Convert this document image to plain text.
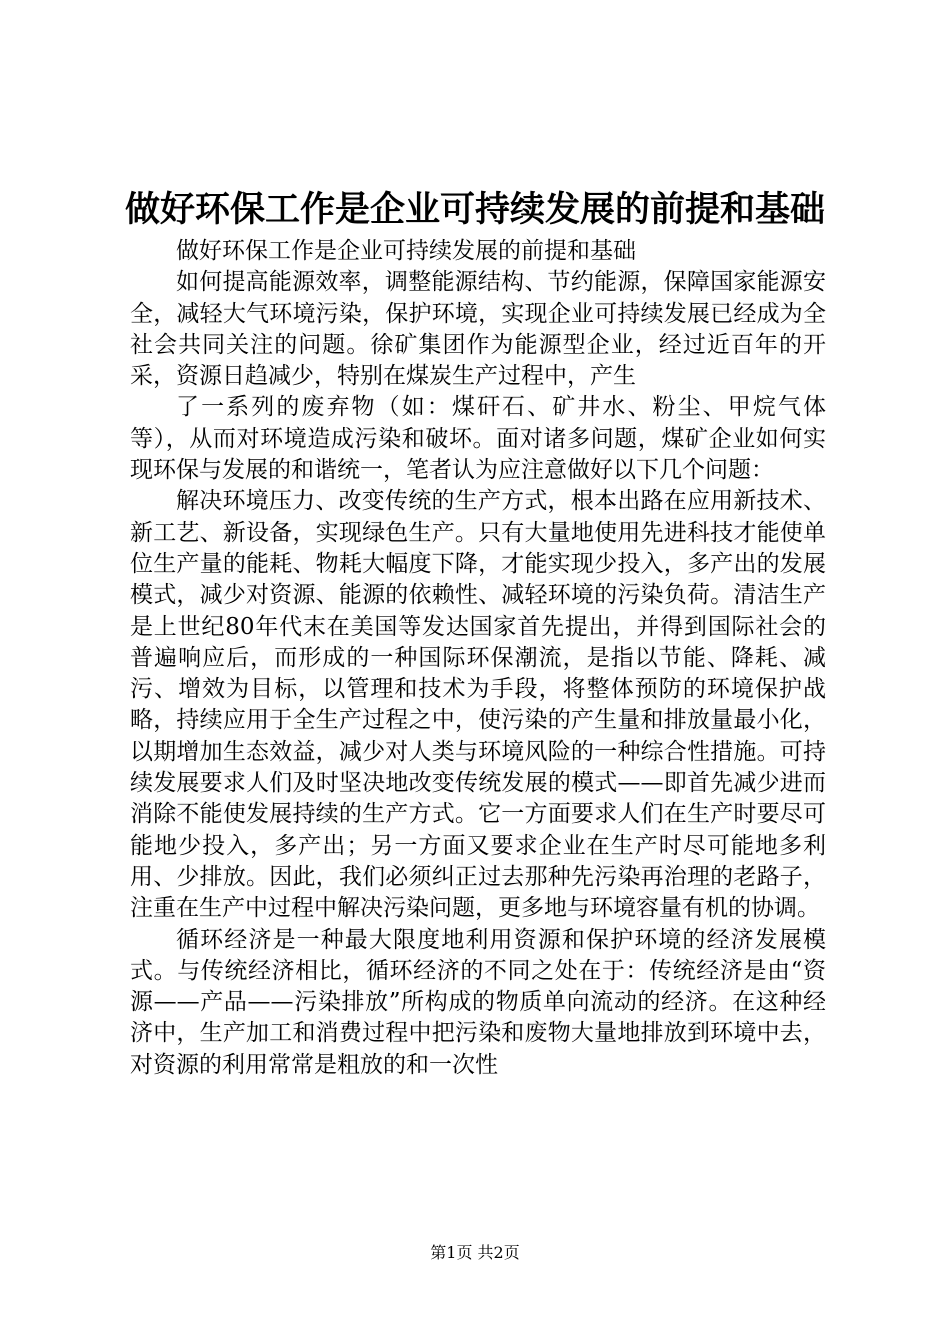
做好环保工作是企业可持续发展的前提和基础

做好环保工作是企业可持续发展的前提和基础

如何提高能源效率，调整能源结构、节约能源，保障国家能源安全，减轻大气环境污染，保护环境，实现企业可持续发展已经成为全社会共同关注的问题。徐矿集团作为能源型企业，经过近百年的开采，资源日趋减少，特别在煤炭生产过程中，产生

了一系列的废弃物（如：煤矸石、矿井水、粉尘、甲烷气体等），从而对环境造成污染和破坏。面对诸多问题，煤矿企业如何实现环保与发展的和谐统一，笔者认为应注意做好以下几个问题：

解决环境压力、改变传统的生产方式，根本出路在应用新技术、新工艺、新设备，实现绿色生产。只有大量地使用先进科技才能使单位生产量的能耗、物耗大幅度下降，才能实现少投入，多产出的发展模式，减少对资源、能源的依赖性、减轻环境的污染负荷。清洁生产是上世纪80年代末在美国等发达国家首先提出，并得到国际社会的普遍响应后，而形成的一种国际环保潮流，是指以节能、降耗、减污、增效为目标，以管理和技术为手段，将整体预防的环境保护战略，持续应用于全生产过程之中，使污染的产生量和排放量最小化，以期增加生态效益，减少对人类与环境风险的一种综合性措施。可持续发展要求人们及时坚决地改变传统发展的模式——即首先减少进而消除不能使发展持续的生产方式。它一方面要求人们在生产时要尽可能地少投入，多产出；另一方面又要求企业在生产时尽可能地多利用、少排放。因此，我们必须纠正过去那种先污染再治理的老路子，注重在生产中过程中解决污染问题，更多地与环境容量有机的协调。

循环经济是一种最大限度地利用资源和保护环境的经济发展模式。与传统经济相比，循环经济的不同之处在于：传统经济是由“资源——产品——污染排放”所构成的物质单向流动的经济。在这种经济中，生产加工和消费过程中把污染和废物大量地排放到环境中去，对资源的利用常常是粗放的和一次性

第1页 共2页
